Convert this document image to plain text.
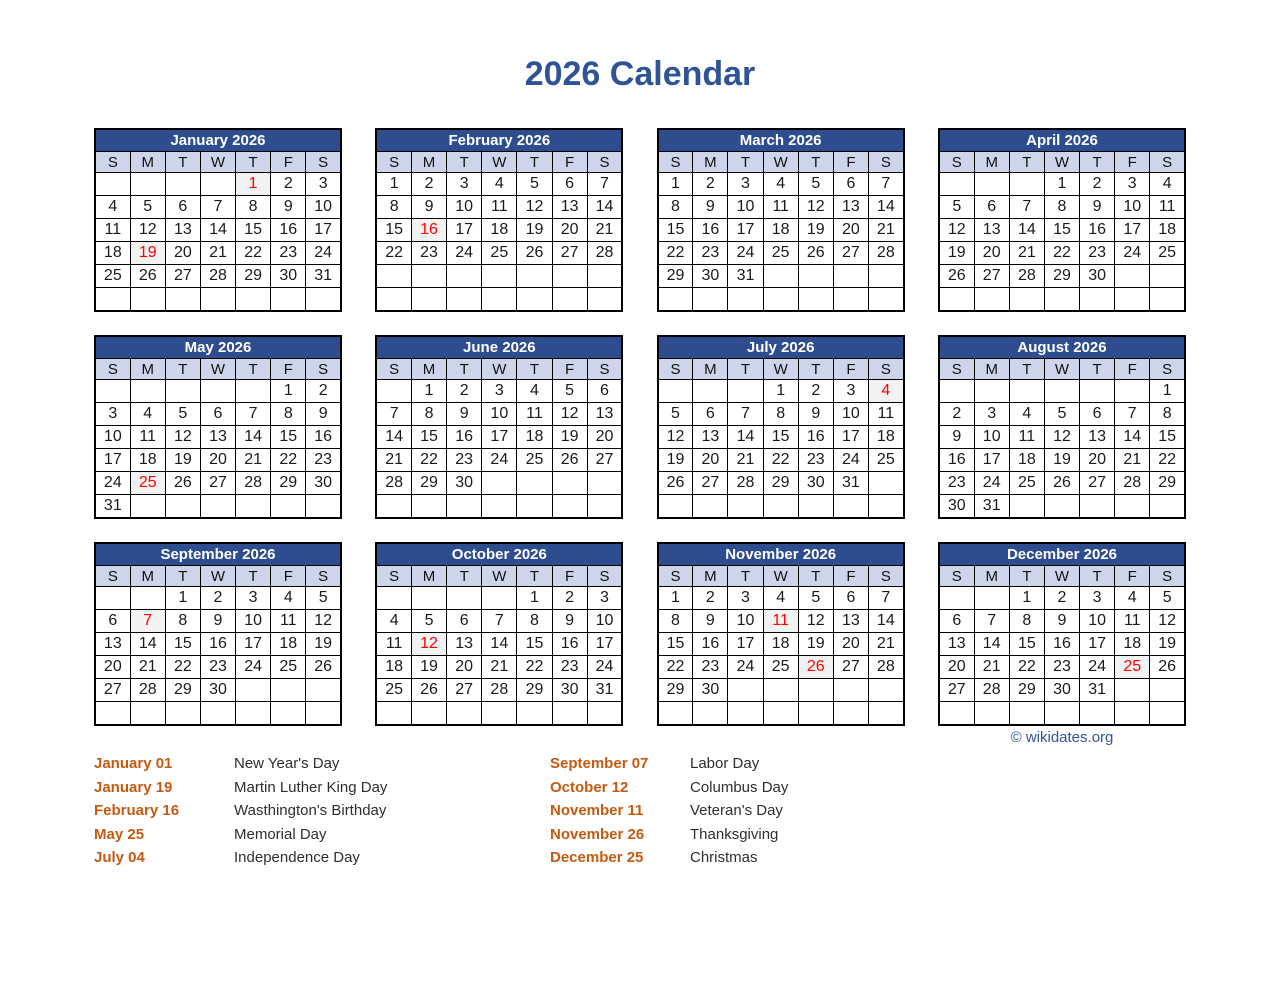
2026 Calendar
January 2026						
S	M	T	W	T	F	S
				1	2	3
4	5	6	7	8	9	10
11	12	13	14	15	16	17
18	19	20	21	22	23	24
25	26	27	28	29	30	31

February 2026						
S	M	T	W	T	F	S
1	2	3	4	5	6	7
8	9	10	11	12	13	14
15	16	17	18	19	20	21
22	23	24	25	26	27	28

March 2026						
S	M	T	W	T	F	S
1	2	3	4	5	6	7
8	9	10	11	12	13	14
15	16	17	18	19	20	21
22	23	24	25	26	27	28
29	30	31				

April 2026						
S	M	T	W	T	F	S
			1	2	3	4
5	6	7	8	9	10	11
12	13	14	15	16	17	18
19	20	21	22	23	24	25
26	27	28	29	30		

May 2026						
S	M	T	W	T	F	S
					1	2
3	4	5	6	7	8	9
10	11	12	13	14	15	16
17	18	19	20	21	22	23
24	25	26	27	28	29	30
31						
June 2026						
S	M	T	W	T	F	S
	1	2	3	4	5	6
7	8	9	10	11	12	13
14	15	16	17	18	19	20
21	22	23	24	25	26	27
28	29	30				

July 2026						
S	M	T	W	T	F	S
			1	2	3	4
5	6	7	8	9	10	11
12	13	14	15	16	17	18
19	20	21	22	23	24	25
26	27	28	29	30	31	

August 2026						
S	M	T	W	T	F	S
						1
2	3	4	5	6	7	8
9	10	11	12	13	14	15
16	17	18	19	20	21	22
23	24	25	26	27	28	29
30	31					
September 2026						
S	M	T	W	T	F	S
		1	2	3	4	5
6	7	8	9	10	11	12
13	14	15	16	17	18	19
20	21	22	23	24	25	26
27	28	29	30			

October 2026						
S	M	T	W	T	F	S
				1	2	3
4	5	6	7	8	9	10
11	12	13	14	15	16	17
18	19	20	21	22	23	24
25	26	27	28	29	30	31

November 2026						
S	M	T	W	T	F	S
1	2	3	4	5	6	7
8	9	10	11	12	13	14
15	16	17	18	19	20	21
22	23	24	25	26	27	28
29	30					

December 2026						
S	M	T	W	T	F	S
		1	2	3	4	5
6	7	8	9	10	11	12
13	14	15	16	17	18	19
20	21	22	23	24	25	26
27	28	29	30	31		

© wikidates.org
January 01	New Year's Day
January 19	Martin Luther King Day
February 16	Wasthington's Birthday
May 25	Memorial Day
July 04	Independence Day
September 07	Labor Day
October 12	Columbus Day
November 11	Veteran's Day
November 26	Thanksgiving
December 25	Christmas
